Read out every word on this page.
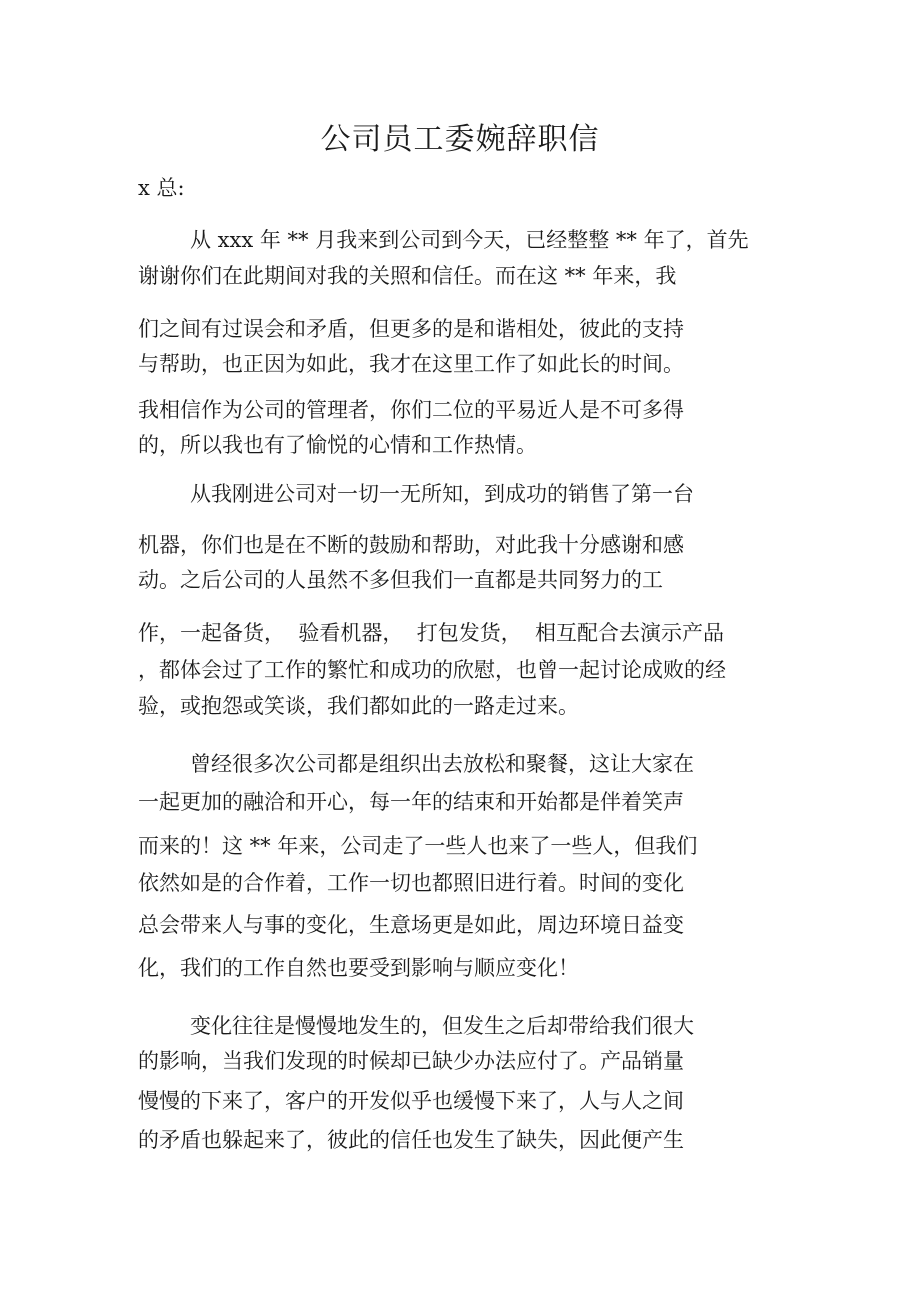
公司员工委婉辞职信
x 总:
从 xxx 年 ** 月我来到公司到今天，已经整整 ** 年了，首先
谢谢你们在此期间对我的关照和信任。而在这 ** 年来，我
们之间有过误会和矛盾，但更多的是和谐相处，彼此的支持
与帮助，也正因为如此，我才在这里工作了如此长的时间。
我相信作为公司的管理者，你们二位的平易近人是不可多得
的，所以我也有了愉悦的心情和工作热情。
从我刚进公司对一切一无所知，到成功的销售了第一台
机器，你们也是在不断的鼓励和帮助，对此我十分感谢和感
动。之后公司的人虽然不多但我们一直都是共同努力的工
作，一起备货，  验看机器，  打包发货，  相互配合去演示产品
，都体会过了工作的繁忙和成功的欣慰，也曾一起讨论成败的经
验，或抱怨或笑谈，我们都如此的一路走过来。
曾经很多次公司都是组织出去放松和聚餐，这让大家在
一起更加的融洽和开心，每一年的结束和开始都是伴着笑声
而来的！这 ** 年来，公司走了一些人也来了一些人，但我们
依然如是的合作着，工作一切也都照旧进行着。时间的变化
总会带来人与事的变化，生意场更是如此，周边环境日益变
化，我们的工作自然也要受到影响与顺应变化！
变化往往是慢慢地发生的，但发生之后却带给我们很大
的影响，当我们发现的时候却已缺少办法应付了。产品销量
慢慢的下来了，客户的开发似乎也缓慢下来了，人与人之间
的矛盾也躲起来了，彼此的信任也发生了缺失，因此便产生
